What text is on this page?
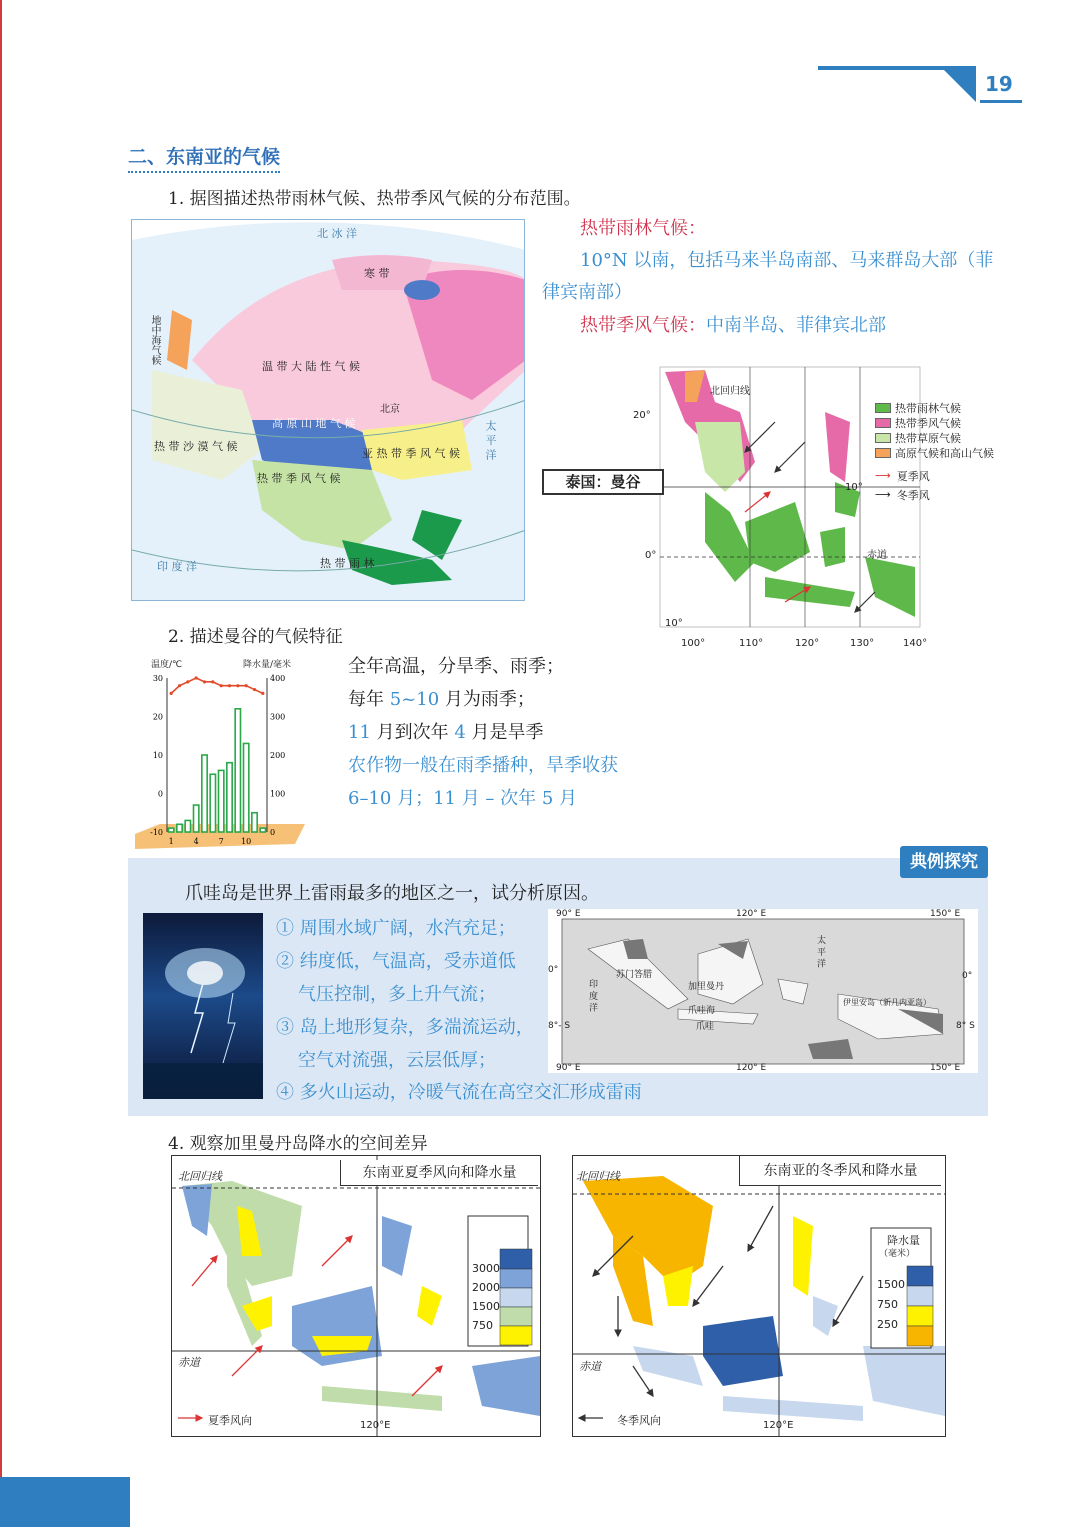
19
二、东南亚的气候
1. 据图描述热带雨林气候、热带季风气候的分布范围。
北 冰 洋
寒 带
温 带 大 陆 性 气 候
高 原 山 地 气 候
热 带 沙 漠 气 候
热 带 季 风 气 候
亚 热 带 季 风 气 候
热 带 雨 林
印 度 洋
太 平 洋
地中海气候
北京
热带雨林气候：
10°N 以南，包括马来半岛南部、马来群岛大部（菲
律宾南部）
热带季风气候：中南半岛、菲律宾北部
北回归线
赤道
100°	110°	120°	130°	140°
20°
10°
0°
10°
泰国：曼谷
热带雨林气候
热带季风气候
热带草原气候
高原气候和高山气候
⟶ 夏季风
⟶ 冬季风
2. 描述曼谷的气候特征
30
20
10
0
-10
400
300
200
100
0
1 4 7 10
温度/℃	降水量/毫米	全年高温，分旱季、雨季；
每年 5~10 月为雨季；
11 月到次年 4 月是旱季
农作物一般在雨季播种，旱季收获
6–10 月；11 月 – 次年 5 月
典例探究
爪哇岛是世界上雷雨最多的地区之一，试分析原因。
① 周围水域广阔，水汽充足；
② 纬度低，气温高，受赤道低
气压控制，多上升气流；
③ 岛上地形复杂，多湍流运动，
空气对流强，云层低厚；
④ 多火山运动，冷暖气流在高空交汇形成雷雨
90° E	120° E	150° E
90° E	120° E	150° E
0°
0°
8°- S	8° S
爪哇海
爪哇
苏门答腊
加里曼丹
伊里安岛（新几内亚岛）
印 度 洋
太 平 洋
4. 观察加里曼丹岛降水的空间差异
东南亚夏季风向和降水量
北回归线
赤道
120°E
夏季风向
3000
2000
1500
750
东南亚的冬季风和降水量
北回归线
赤道
120°E
冬季风向
降水量
（毫米）
1500
750
250
